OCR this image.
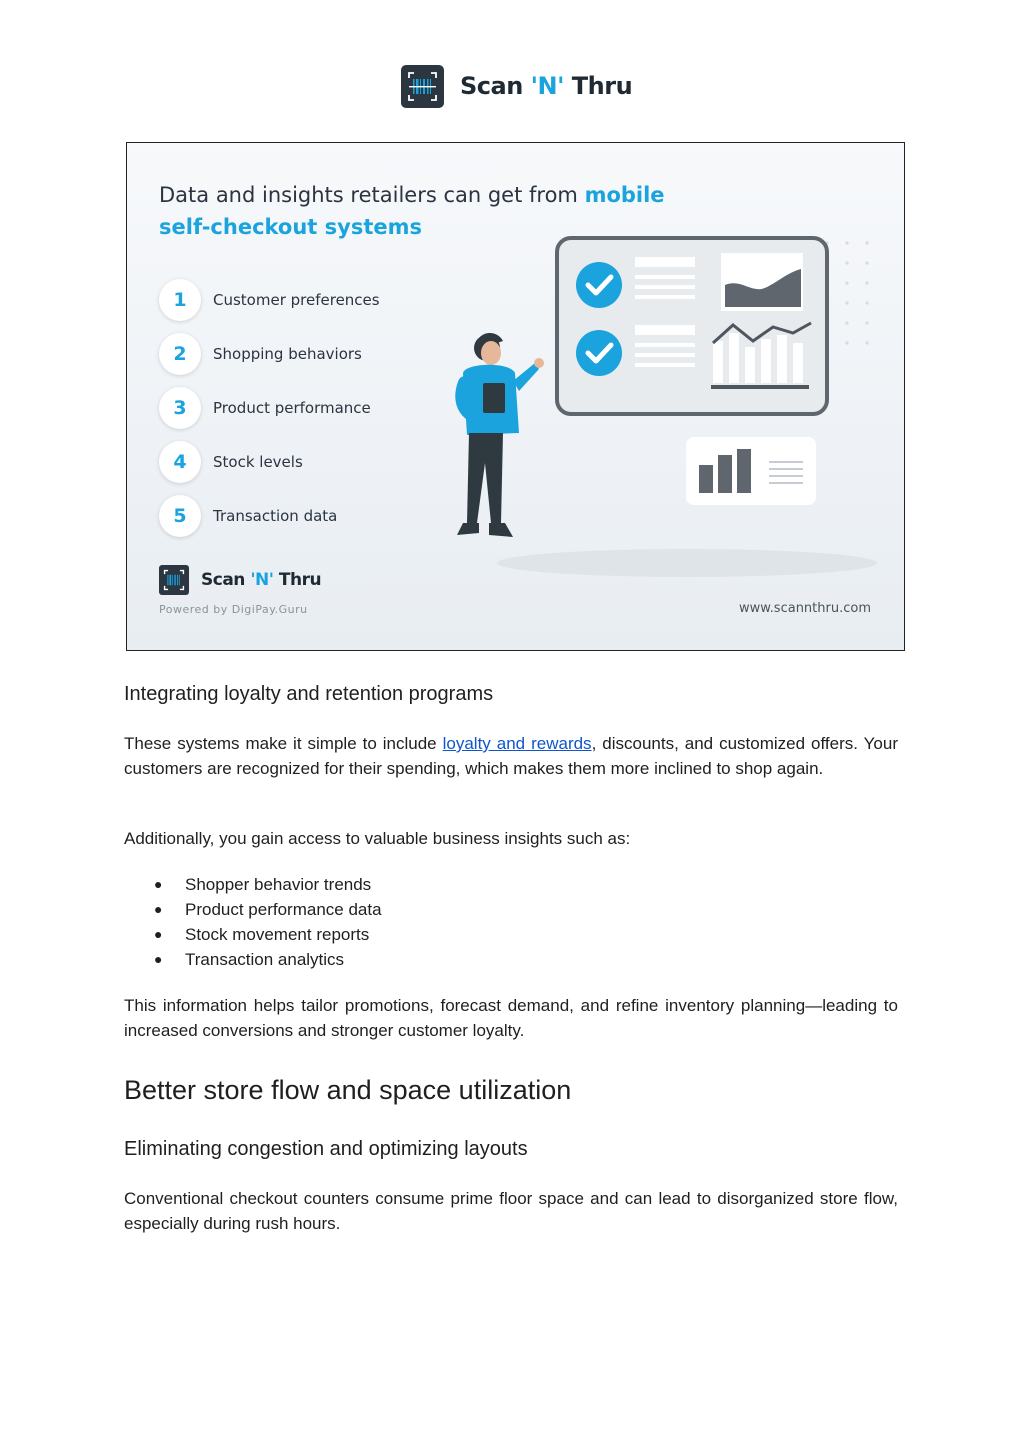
Scan 'N' Thru
Data and insights retailers can get from mobile self-checkout systems
1	Customer preferences
2	Shopping behaviors
3	Product performance
4	Stock levels
5	Transaction data
Scan 'N' Thru
Powered by DigiPay.Guru	www.scannthru.com
Integrating loyalty and retention programs

These systems make it simple to include loyalty and rewards, discounts, and customized offers. Your customers are recognized for their spending, which makes them more inclined to shop again.

Additionally, you gain access to valuable business insights such as:

● Shopper behavior trends
● Product performance data
● Stock movement reports
● Transaction analytics

This information helps tailor promotions, forecast demand, and refine inventory planning—leading to increased conversions and stronger customer loyalty.

Better store flow and space utilization
Eliminating congestion and optimizing layouts

Conventional checkout counters consume prime floor space and can lead to disorganized store flow, especially during rush hours.
